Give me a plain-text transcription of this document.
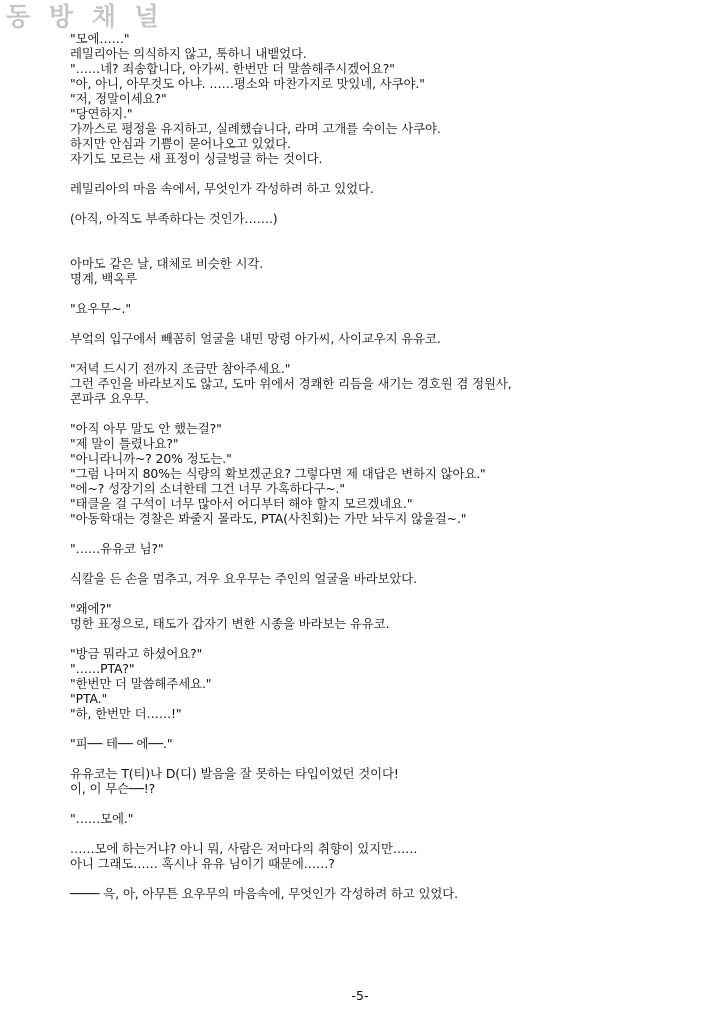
동 방 채 널
"모에……"
레밀리아는 의식하지 않고, 툭하니 내뱉었다.
"……네? 죄송합니다, 아가씨. 한번만 더 말씀해주시겠어요?"
"아, 아니, 아무것도 아냐. ……평소와 마찬가지로 맛있네, 사쿠야."
"저, 정말이세요?"
"당연하지."
가까스로 평정을 유지하고, 실례했습니다, 라며 고개를 숙이는 사쿠야.
하지만 안심과 기쁨이 묻어나오고 있었다.
자기도 모르는 새 표정이 싱글벙글 하는 것이다.
레밀리아의 마음 속에서, 무엇인가 각성하려 하고 있었다.
(아직, 아직도 부족하다는 것인가…….)
아마도 같은 날, 대체로 비슷한 시각.
명계, 백옥루
"요우무~."
부엌의 입구에서 빼꼼히 얼굴을 내민 망령 아가씨, 사이교우지 유유코.
"저녁 드시기 전까지 조금만 참아주세요."
그런 주인을 바라보지도 않고, 도마 위에서 경쾌한 리듬을 새기는 경호원 겸 정원사,
콘파쿠 요우무.
"아직 아무 말도 안 했는걸?"
"제 말이 틀렸나요?"
"아니라니까~? 20% 정도는."
"그럼 나머지 80%는 식량의 확보겠군요? 그렇다면 제 대답은 변하지 않아요."
"에~? 성장기의 소녀한테 그건 너무 가혹하다구~."
"태클을 걸 구석이 너무 많아서 어디부터 해야 할지 모르겠네요."
"아동학대는 경찰은 봐줄지 몰라도, PTA(사친회)는 가만 놔두지 않을걸~."
"……유유코 님?"
식칼을 든 손을 멈추고, 겨우 요우무는 주인의 얼굴을 바라보았다.
"왜에?"
멍한 표정으로, 태도가 갑자기 변한 시종을 바라보는 유유코.
"방금 뭐라고 하셨어요?"
"……PTA?"
"한번만 더 말씀해주세요."
"PTA."
"하, 한번만 더……!"
"피── 테── 에──."
유유코는 T(티)나 D(디) 발음을 잘 못하는 타입이었던 것이다!
이, 이 무슨──!?
"……모에."
……모에 하는거냐? 아니 뭐, 사람은 저마다의 취향이 있지만……
아니 그래도…… 혹시나 유유 님이기 때문에……?
──── 윽, 아, 아무튼 요우무의 마음속에, 무엇인가 각성하려 하고 있었다.
-5-
